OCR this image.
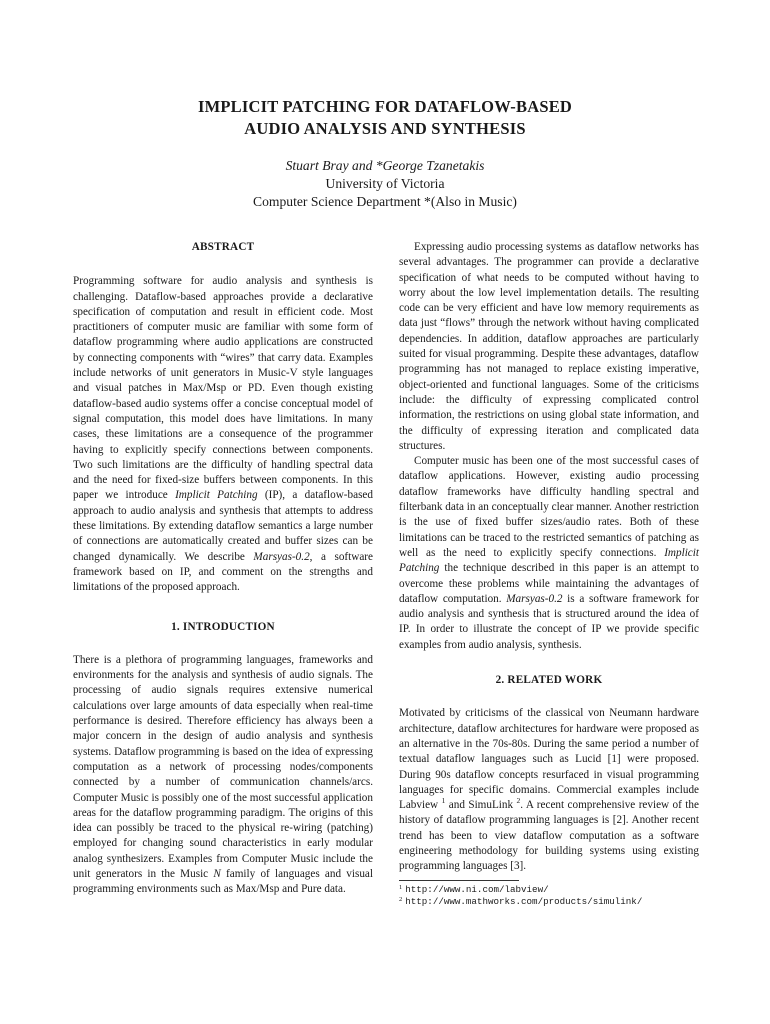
IMPLICIT PATCHING FOR DATAFLOW-BASED
AUDIO ANALYSIS AND SYNTHESIS
Stuart Bray and *George Tzanetakis
University of Victoria
Computer Science Department *(Also in Music)
ABSTRACT

Programming software for audio analysis and synthesis is challenging. Dataflow-based approaches provide a declarative specification of computation and result in efficient code. Most practitioners of computer music are familiar with some form of dataflow programming where audio applications are constructed by connecting components with “wires” that carry data. Examples include networks of unit generators in Music-V style languages and visual patches in Max/Msp or PD. Even though existing dataflow-based audio systems offer a concise conceptual model of signal computation, this model does have limitations. In many cases, these limitations are a consequence of the programmer having to explicitly specify connections between components. Two such limitations are the difficulty of handling spectral data and the need for fixed-size buffers between components. In this paper we introduce Implicit Patching (IP), a dataflow-based approach to audio analysis and synthesis that attempts to address these limitations. By extending dataflow semantics a large number of connections are automatically created and buffer sizes can be changed dynamically. We describe Marsyas-0.2, a software framework based on IP, and comment on the strengths and limitations of the proposed approach.

1. INTRODUCTION

There is a plethora of programming languages, frameworks and environments for the analysis and synthesis of audio signals. The processing of audio signals requires extensive numerical calculations over large amounts of data especially when real-time performance is desired. Therefore efficiency has always been a major concern in the design of audio analysis and synthesis systems. Dataflow programming is based on the idea of expressing computation as a network of processing nodes/components connected by a number of communication channels/arcs. Computer Music is possibly one of the most successful application areas for the dataflow programming paradigm. The origins of this idea can possibly be traced to the physical re-wiring (patching) employed for changing sound characteristics in early modular analog synthesizers. Examples from Computer Music include the unit generators in the Music N family of languages and visual programming environments such as Max/Msp and Pure data.

Expressing audio processing systems as dataflow networks has several advantages. The programmer can provide a declarative specification of what needs to be computed without having to worry about the low level implementation details. The resulting code can be very efficient and have low memory requirements as data just “flows” through the network without having complicated dependencies. In addition, dataflow approaches are particularly suited for visual programming. Despite these advantages, dataflow programming has not managed to replace existing imperative, object-oriented and functional languages. Some of the criticisms include: the difficulty of expressing complicated control information, the restrictions on using global state information, and the difficulty of expressing iteration and complicated data structures.

Computer music has been one of the most successful cases of dataflow applications. However, existing audio processing dataflow frameworks have difficulty handling spectral and filterbank data in an conceptually clear manner. Another restriction is the use of fixed buffer sizes/audio rates. Both of these limitations can be traced to the restricted semantics of patching as well as the need to explicitly specify connections. Implicit Patching the technique described in this paper is an attempt to overcome these problems while maintaining the advantages of dataflow computation. Marsyas-0.2 is a software framework for audio analysis and synthesis that is structured around the idea of IP. In order to illustrate the concept of IP we provide specific examples from audio analysis, synthesis.

2. RELATED WORK

Motivated by criticisms of the classical von Neumann hardware architecture, dataflow architectures for hardware were proposed as an alternative in the 70s-80s. During the same period a number of textual dataflow languages such as Lucid [1] were proposed. During 90s dataflow concepts resurfaced in visual programming languages for specific domains. Commercial examples include Labview $^1$ and SimuLink $^2$. A recent comprehensive review of the history of dataflow programming languages is [2]. Another recent trend has been to view dataflow computation as a software engineering methodology for building systems using existing programming languages [3].

$^1$ http://www.ni.com/labview/
$^2$ http://www.mathworks.com/products/simulink/
